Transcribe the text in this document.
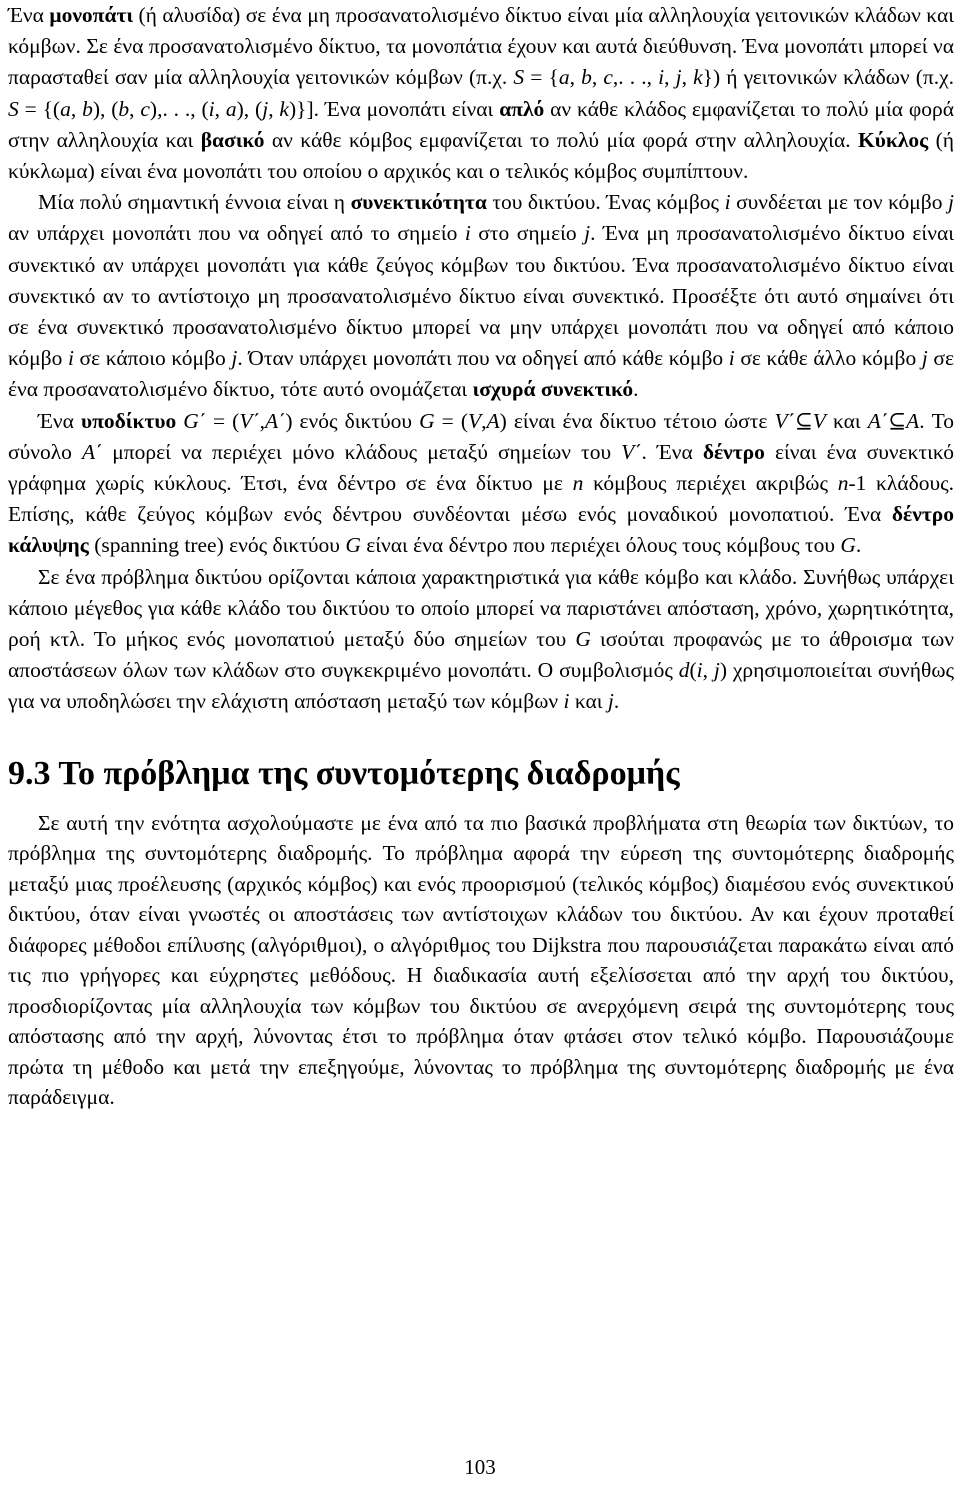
Ένα μονοπάτι (ή αλυσίδα) σε ένα μη προσανατολισμένο δίκτυο είναι μία αλληλουχία γειτονικών κλάδων και κόμβων. Σε ένα προσανατολισμένο δίκτυο, τα μονοπάτια έχουν και αυτά διεύθυνση. Ένα μονοπάτι μπορεί να παρασταθεί σαν μία αλληλουχία γειτονικών κόμβων (π.χ. S = {a, b, c,. . ., i, j, k}) ή γειτονικών κλάδων (π.χ. S = {(a, b), (b, c),. . ., (i, a), (j, k)}]. Ένα μονοπάτι είναι απλό αν κάθε κλάδος εμφανίζεται το πολύ μία φορά στην αλληλουχία και βασικό αν κάθε κόμβος εμφανίζεται το πολύ μία φορά στην αλληλουχία. Κύκλος (ή κύκλωμα) είναι ένα μονοπάτι του οποίου ο αρχικός και ο τελικός κόμβος συμπίπτουν.

Μία πολύ σημαντική έννοια είναι η συνεκτικότητα του δικτύου. Ένας κόμβος i συνδέεται με τον κόμβο j αν υπάρχει μονοπάτι που να οδηγεί από το σημείο i στο σημείο j. Ένα μη προσανατολισμένο δίκτυο είναι συνεκτικό αν υπάρχει μονοπάτι για κάθε ζεύγος κόμβων του δικτύου. Ένα προσανατολισμένο δίκτυο είναι συνεκτικό αν το αντίστοιχο μη προσανατολισμένο δίκτυο είναι συνεκτικό. Προσέξτε ότι αυτό σημαίνει ότι σε ένα συνεκτικό προσανατολισμένο δίκτυο μπορεί να μην υπάρχει μονοπάτι που να οδηγεί από κάποιο κόμβο i σε κάποιο κόμβο j. Όταν υπάρχει μονοπάτι που να οδηγεί από κάθε κόμβο i σε κάθε άλλο κόμβο j σε ένα προσανατολισμένο δίκτυο, τότε αυτό ονομάζεται ισχυρά συνεκτικό.

Ένα υποδίκτυο G΄ = (V΄,A΄) ενός δικτύου G = (V,A) είναι ένα δίκτυο τέτοιο ώστε V΄⊆V και A΄⊆A. Το σύνολο A΄ μπορεί να περιέχει μόνο κλάδους μεταξύ σημείων του V΄. Ένα δέντρο είναι ένα συνεκτικό γράφημα χωρίς κύκλους. Έτσι, ένα δέντρο σε ένα δίκτυο με n κόμβους περιέχει ακριβώς n-1 κλάδους. Επίσης, κάθε ζεύγος κόμβων ενός δέντρου συνδέονται μέσω ενός μοναδικού μονοπατιού. Ένα δέντρο κάλυψης (spanning tree) ενός δικτύου G είναι ένα δέντρο που περιέχει όλους τους κόμβους του G.

Σε ένα πρόβλημα δικτύου ορίζονται κάποια χαρακτηριστικά για κάθε κόμβο και κλάδο. Συνήθως υπάρχει κάποιο μέγεθος για κάθε κλάδο του δικτύου το οποίο μπορεί να παριστάνει απόσταση, χρόνο, χωρητικότητα, ροή κτλ. Το μήκος ενός μονοπατιού μεταξύ δύο σημείων του G ισούται προφανώς με το άθροισμα των αποστάσεων όλων των κλάδων στο συγκεκριμένο μονοπάτι. Ο συμβολισμός d(i, j) χρησιμοποιείται συνήθως για να υποδηλώσει την ελάχιστη απόσταση μεταξύ των κόμβων i και j.

9.3 Το πρόβλημα της συντομότερης διαδρομής

Σε αυτή την ενότητα ασχολούμαστε με ένα από τα πιο βασικά προβλήματα στη θεωρία των δικτύων, το πρόβλημα της συντομότερης διαδρομής. Το πρόβλημα αφορά την εύρεση της συντομότερης διαδρομής μεταξύ μιας προέλευσης (αρχικός κόμβος) και ενός προορισμού (τελικός κόμβος) διαμέσου ενός συνεκτικού δικτύου, όταν είναι γνωστές οι αποστάσεις των αντίστοιχων κλάδων του δικτύου. Αν και έχουν προταθεί διάφορες μέθοδοι επίλυσης (αλγόριθμοι), ο αλγόριθμος του Dijkstra που παρουσιάζεται παρακάτω είναι από τις πιο γρήγορες και εύχρηστες μεθόδους. Η διαδικασία αυτή εξελίσσεται από την αρχή του δικτύου, προσδιορίζοντας μία αλληλουχία των κόμβων του δικτύου σε ανερχόμενη σειρά της συντομότερης τους απόστασης από την αρχή, λύνοντας έτσι το πρόβλημα όταν φτάσει στον τελικό κόμβο. Παρουσιάζουμε πρώτα τη μέθοδο και μετά την επεξηγούμε, λύνοντας το πρόβλημα της συντομότερης διαδρομής με ένα παράδειγμα.

103
